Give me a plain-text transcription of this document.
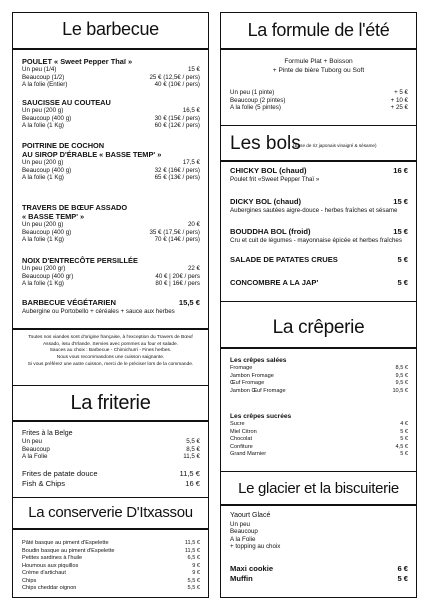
Le barbecue
POULET « Sweet Pepper Thaï »
Un peu (1/4)	15 €
Beaucoup (1/2)	25 € (12,5€ / pers)
A la folie (Entier)	40 € (10€ / pers)
SAUCISSE AU COUTEAU
Un peu (200 g)	16,5 €
Beaucoup (400 g)	30 € (15€ / pers)
A la folie (1 Kg)	60 € (12€ / pers)
POITRINE DE COCHON
AU SIROP D'ÉRABLE « BASSE TEMP' »
Un peu (200 g)	17,5 €
Beaucoup (400 g)	32 € (16€ / pers)
A la folie (1 Kg)	65 € (13€ / pers)
TRAVERS DE BŒUF ASSADO
« BASSE TEMP' »
Un peu (200 g)	20 €
Beaucoup (400 g)	35 € (17,5€ / pers)
A la folie (1 Kg)	70 € (14€ / pers)
NOIX D'ENTRECÔTE PERSILLÉE
Un peu (200 gr)	22 €
Beaucoup (400 gr)	40 € | 20€ / pers
A la folie (1 Kg)	80 € | 16€ / pers
BARBECUE VÉGÉTARIEN	15,5 €
Aubergine ou Portobello + céréales + sauce aux herbes
Toutes nos viandes sont d'origine française, à l'exception du Travers de Bœuf
Assado, issu d'Irlande. Servies avec pommes au four et salade.
Sauces au choix : Barbecue - Chimichurri - Fines herbes.
Nous vous recommandons une cuisson saignante.
Si vous préférez une autre cuisson, merci de le préciser lors de la commande.
La friterie
Frites à la Belge
Un peu	5,5 €
Beaucoup	8,5 €
A la Folie	11,5 €
Frites de patate douce	11,5 €
Fish & Chips	16 €
La conserverie D'Itxassou
Pâté basque au piment d'Espelette	11,5 €
Boudin basque au piment d'Espelette	11,5 €
Petites sardines à l'huile	6,5 €
Houmous aux piquillos	9 €
Crème d'artichaut	9 €
Chips	5,5 €
Chips cheddar oignon	5,5 €
La formule de l'été
Formule Plat + Boisson
+ Pinte de bière Tuborg ou Soft
Un peu (1 pinte)	+ 5 €
Beaucoup (2 pintes)	+ 10 €
A la folie (5 pintes)	+ 25 €
Les bols
(Base de riz japonais vinaigré & sésame)
CHICKY BOL (chaud)	16 €
Poulet frit «Sweet Pepper Thaï »
DICKY BOL (chaud)	15 €
Aubergines sautées aigre-douce - herbes fraîches et sésame
BOUDDHA BOL (froid)	15 €
Cru et cuit de légumes - mayonnaise épicée et herbes fraîches
SALADE DE PATATES CRUES	5 €
CONCOMBRE A LA JAP'	5 €
La crêperie
Les crêpes salées
Fromage	8,5 €
Jambon Fromage	9,5 €
Œuf Fromage	9,5 €
Jambon Œuf Fromage	10,5 €
Les crêpes sucrées
Sucre	4 €
Miel Citron	5 €
Chocolat	5 €
Confiture	4,5 €
Grand Marnier	5 €
Le glacier et la biscuiterie
Yaourt Glacé
Un peu
Beaucoup
A la Folie
+ topping au choix
Maxi cookie	6 €
Muffin	5 €
